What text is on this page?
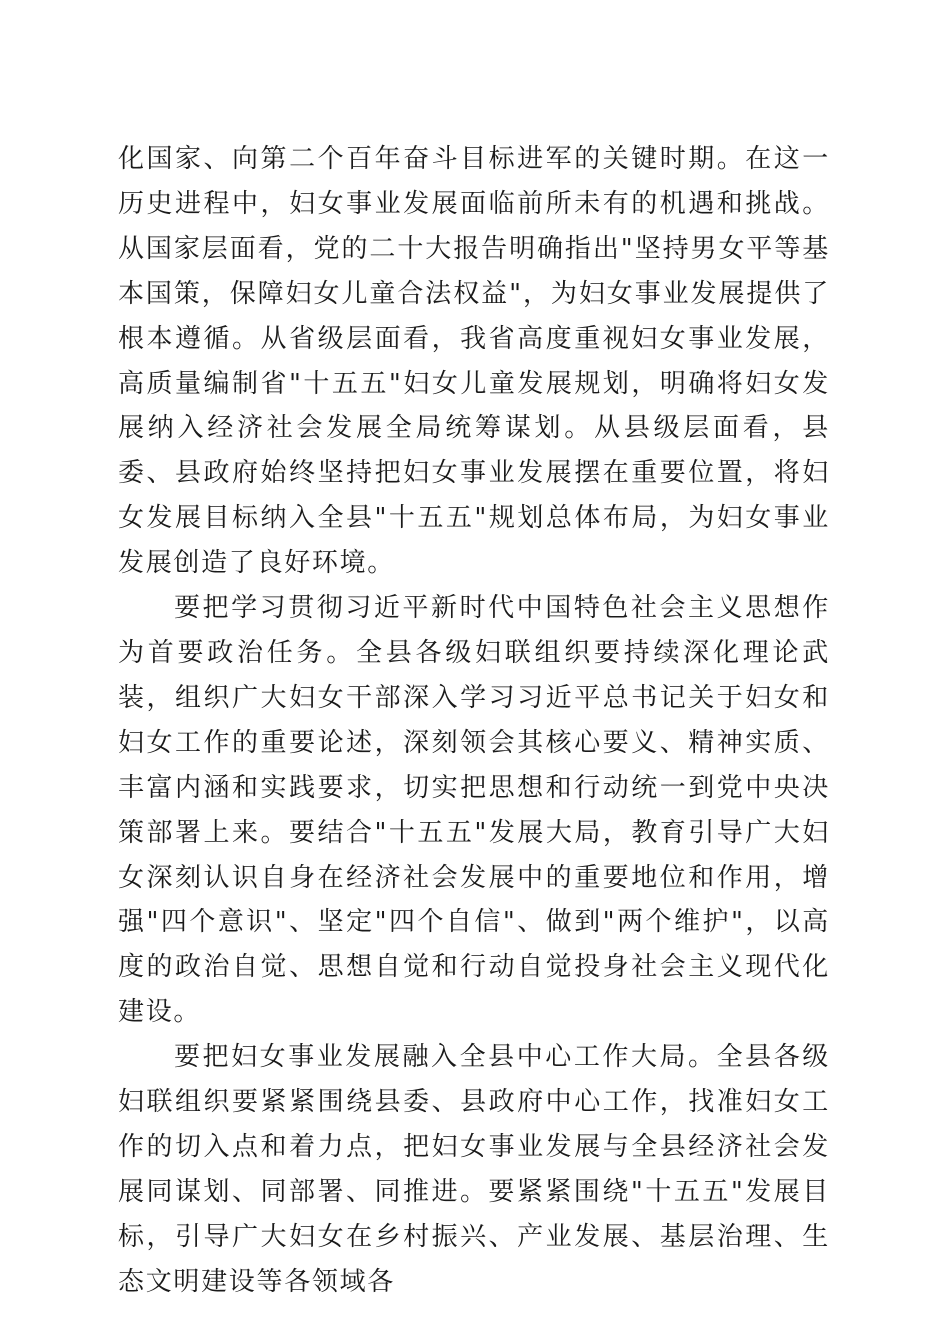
化国家、向第二个百年奋斗目标进军的关键时期。在这一历史进程中，妇女事业发展面临前所未有的机遇和挑战。从国家层面看，党的二十大报告明确指出"坚持男女平等基本国策，保障妇女儿童合法权益"，为妇女事业发展提供了根本遵循。从省级层面看，我省高度重视妇女事业发展，高质量编制省"十五五"妇女儿童发展规划，明确将妇女发展纳入经济社会发展全局统筹谋划。从县级层面看，县委、县政府始终坚持把妇女事业发展摆在重要位置，将妇女发展目标纳入全县"十五五"规划总体布局，为妇女事业发展创造了良好环境。

要把学习贯彻习近平新时代中国特色社会主义思想作为首要政治任务。全县各级妇联组织要持续深化理论武装，组织广大妇女干部深入学习习近平总书记关于妇女和妇女工作的重要论述，深刻领会其核心要义、精神实质、丰富内涵和实践要求，切实把思想和行动统一到党中央决策部署上来。要结合"十五五"发展大局，教育引导广大妇女深刻认识自身在经济社会发展中的重要地位和作用，增强"四个意识"、坚定"四个自信"、做到"两个维护"，以高度的政治自觉、思想自觉和行动自觉投身社会主义现代化建设。

要把妇女事业发展融入全县中心工作大局。全县各级妇联组织要紧紧围绕县委、县政府中心工作，找准妇女工作的切入点和着力点，把妇女事业发展与全县经济社会发展同谋划、同部署、同推进。要紧紧围绕"十五五"发展目标，引导广大妇女在乡村振兴、产业发展、基层治理、生态文明建设等各领域各
